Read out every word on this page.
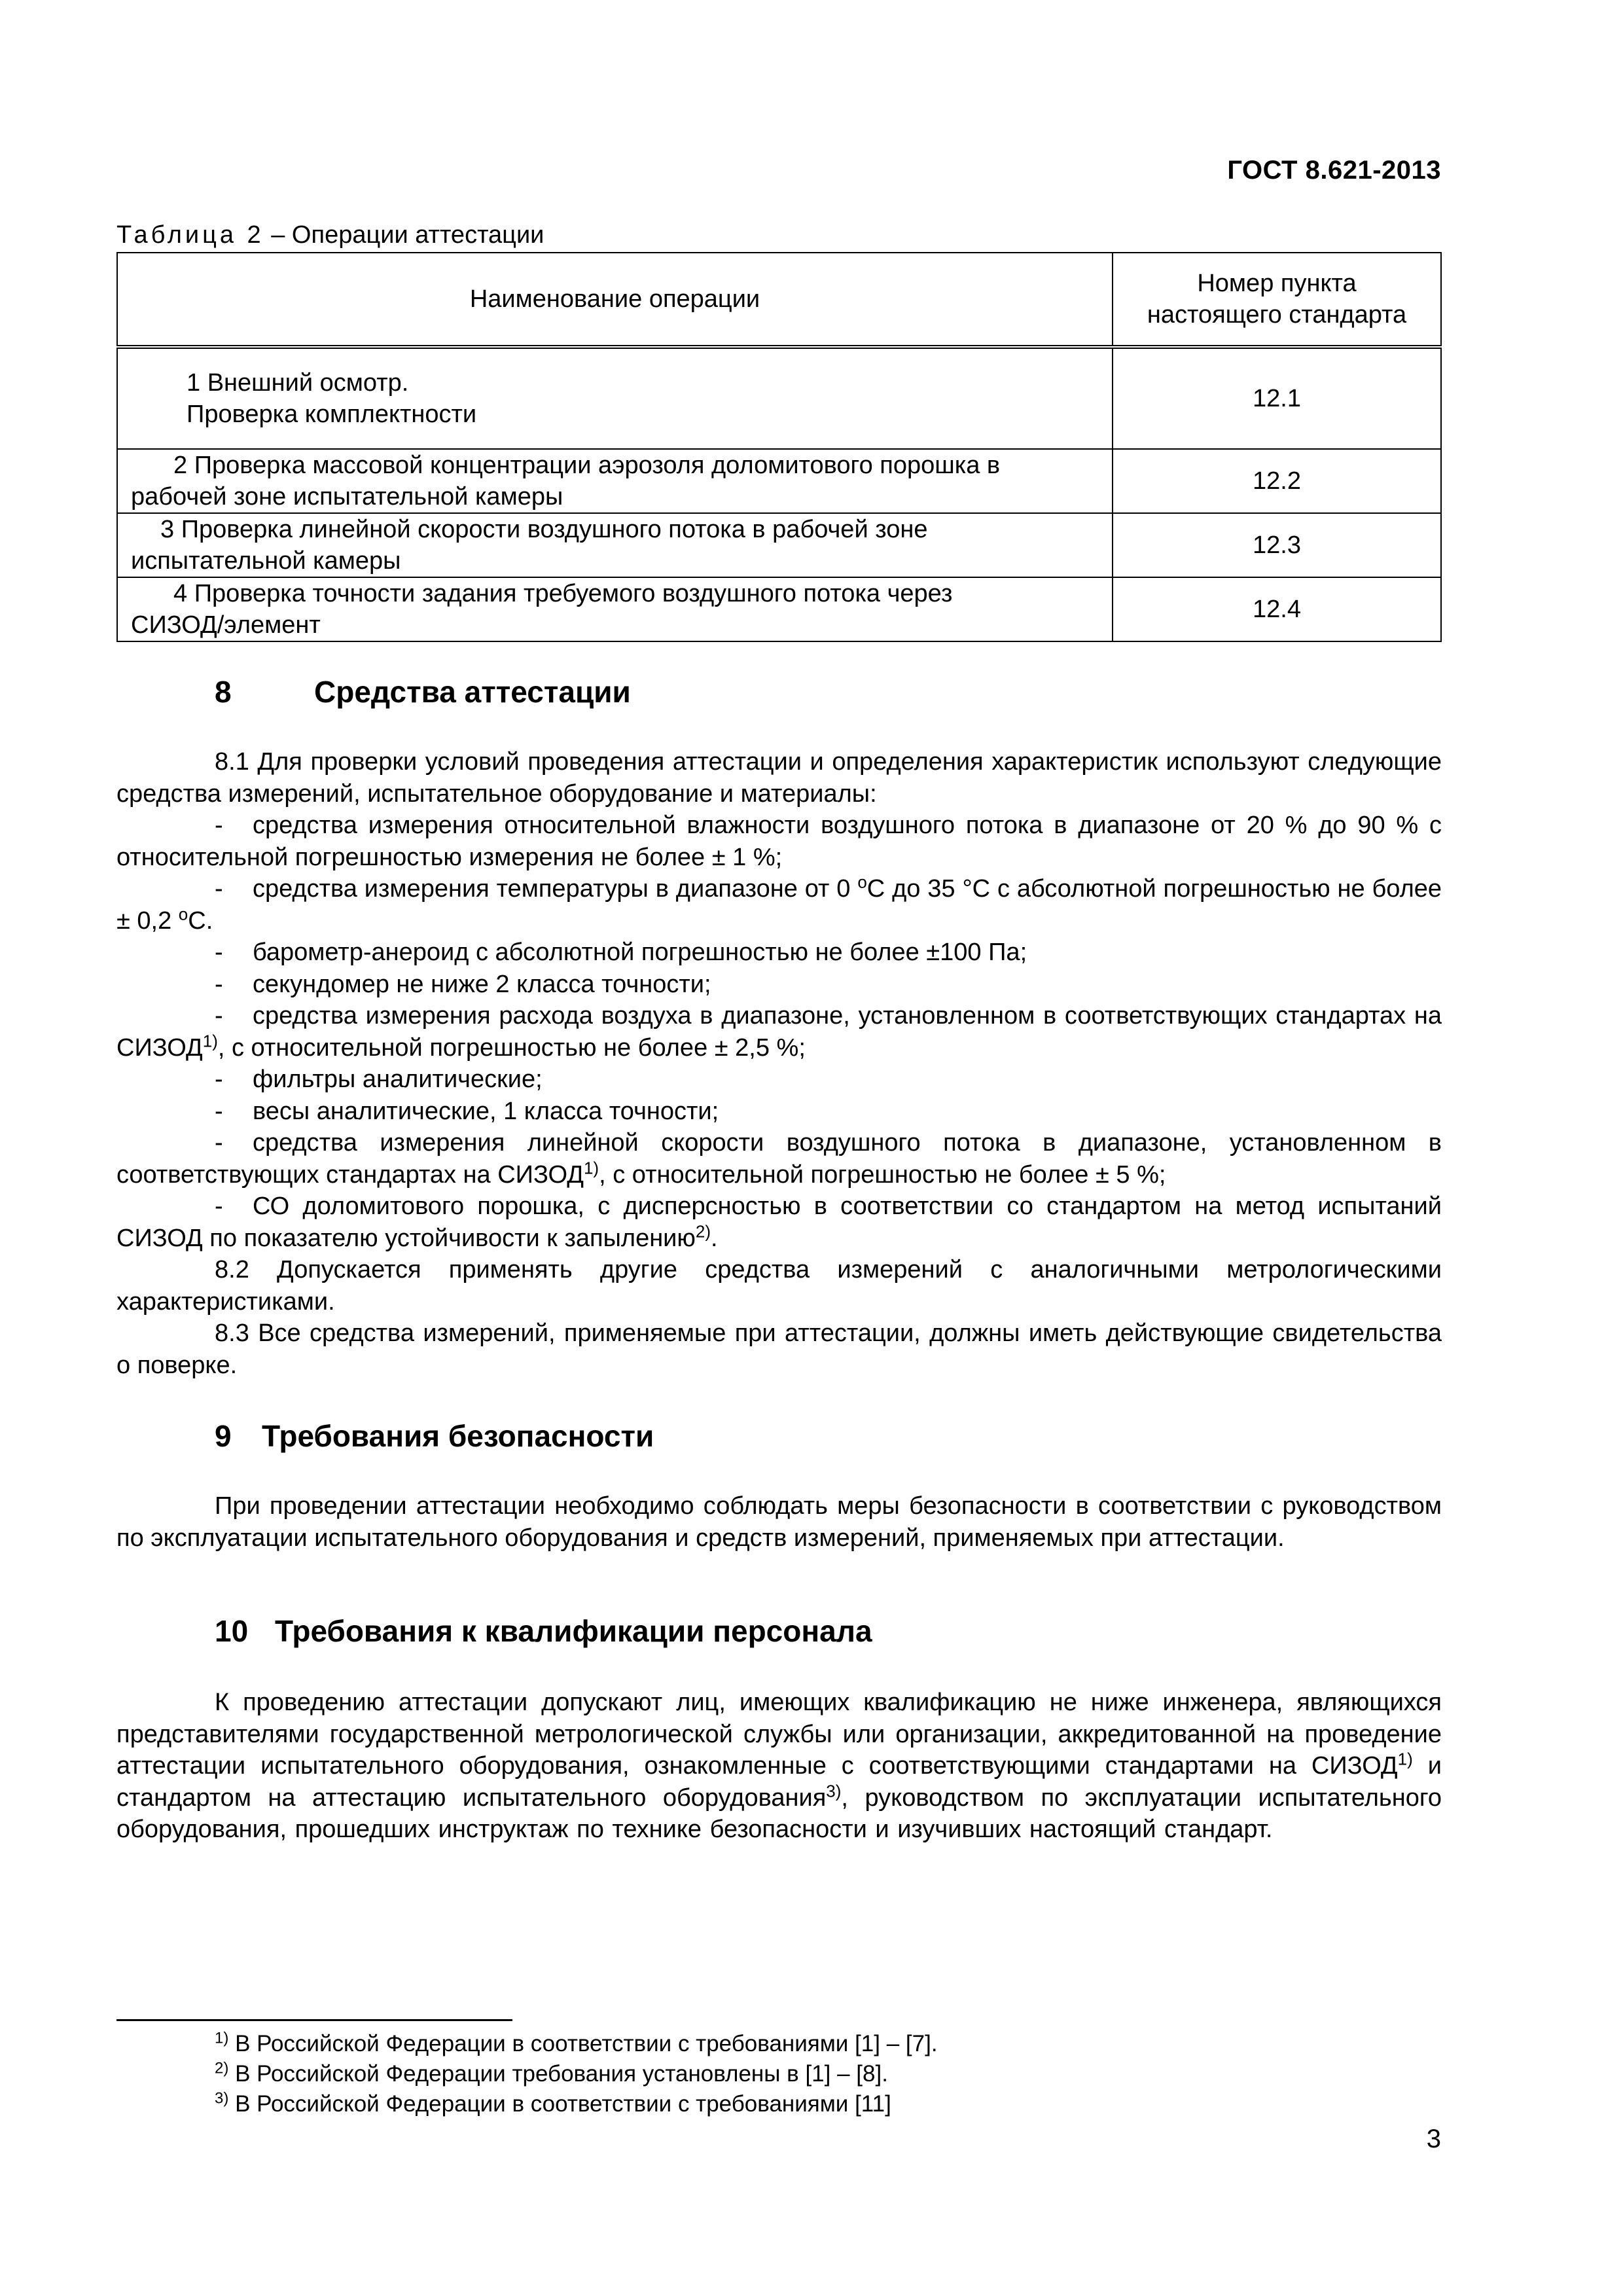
ГОСТ 8.621-2013
Таблица 2 – Операции аттестации
Наименование операции	Номер пункта
настоящего стандарта

1 Внешний осмотр.
Проверка комплектности	12.1

2 Проверка массовой концентрации аэрозоля доломитового порошка в
рабочей зоне испытательной камеры	12.2

3 Проверка линейной скорости воздушного потока в рабочей зоне
испытательной камеры	12.3

4 Проверка точности задания требуемого воздушного потока через
СИЗОД/элемент	12.4
8	Средства аттестации

8.1 Для проверки условий проведения аттестации и определения характеристик используют следующие средства измерений, испытательное оборудование и материалы:

- средства измерения относительной влажности воздушного потока в диапазоне от 20 % до 90 % с относительной погрешностью измерения не более ± 1 %;

- средства измерения температуры в диапазоне от 0 $^о$С до 35 °С с абсолютной погрешностью не более ± 0,2 $^о$С.

- барометр-анероид с абсолютной погрешностью не более ±100 Па;

- секундомер не ниже 2 класса точности;

- средства измерения расхода воздуха в диапазоне, установленном в соответствующих стандартах на СИЗОД$^{1)}$, с относительной погрешностью не более ± 2,5 %;

- фильтры аналитические;

- весы аналитические, 1 класса точности;

- средства измерения линейной скорости воздушного потока в диапазоне, установленном в соответствующих стандартах на СИЗОД$^{1)}$, с относительной погрешностью не более ± 5 %;

- СО доломитового порошка, с дисперсностью в соответствии со стандартом на метод испытаний СИЗОД по показателю устойчивости к запылению$^{2)}$.

8.2 Допускается применять другие средства измерений с аналогичными метрологическими характеристиками.

8.3 Все средства измерений, применяемые при аттестации, должны иметь действующие свидетельства о поверке.

9 Требования безопасности

При проведении аттестации необходимо соблюдать меры безопасности в соответствии с руководством по эксплуатации испытательного оборудования и средств измерений, применяемых при аттестации.

10 Требования к квалификации персонала

К проведению аттестации допускают лиц, имеющих квалификацию не ниже инженера, являющихся представителями государственной метрологической службы или организации, аккредитованной на проведение аттестации испытательного оборудования, ознакомленные с соответствующими стандартами на СИЗОД$^{1)}$ и стандартом на аттестацию испытательного оборудования$^{3)}$, руководством по эксплуатации испытательного оборудования, прошедших инструктаж по технике безопасности и изучивших настоящий стандарт.

$^{1)}$ В Российской Федерации в соответствии с требованиями [1] – [7].
$^{2)}$ В Российской Федерации требования установлены в [1] – [8].
$^{3)}$ В Российской Федерации в соответствии с требованиями [11]
3
